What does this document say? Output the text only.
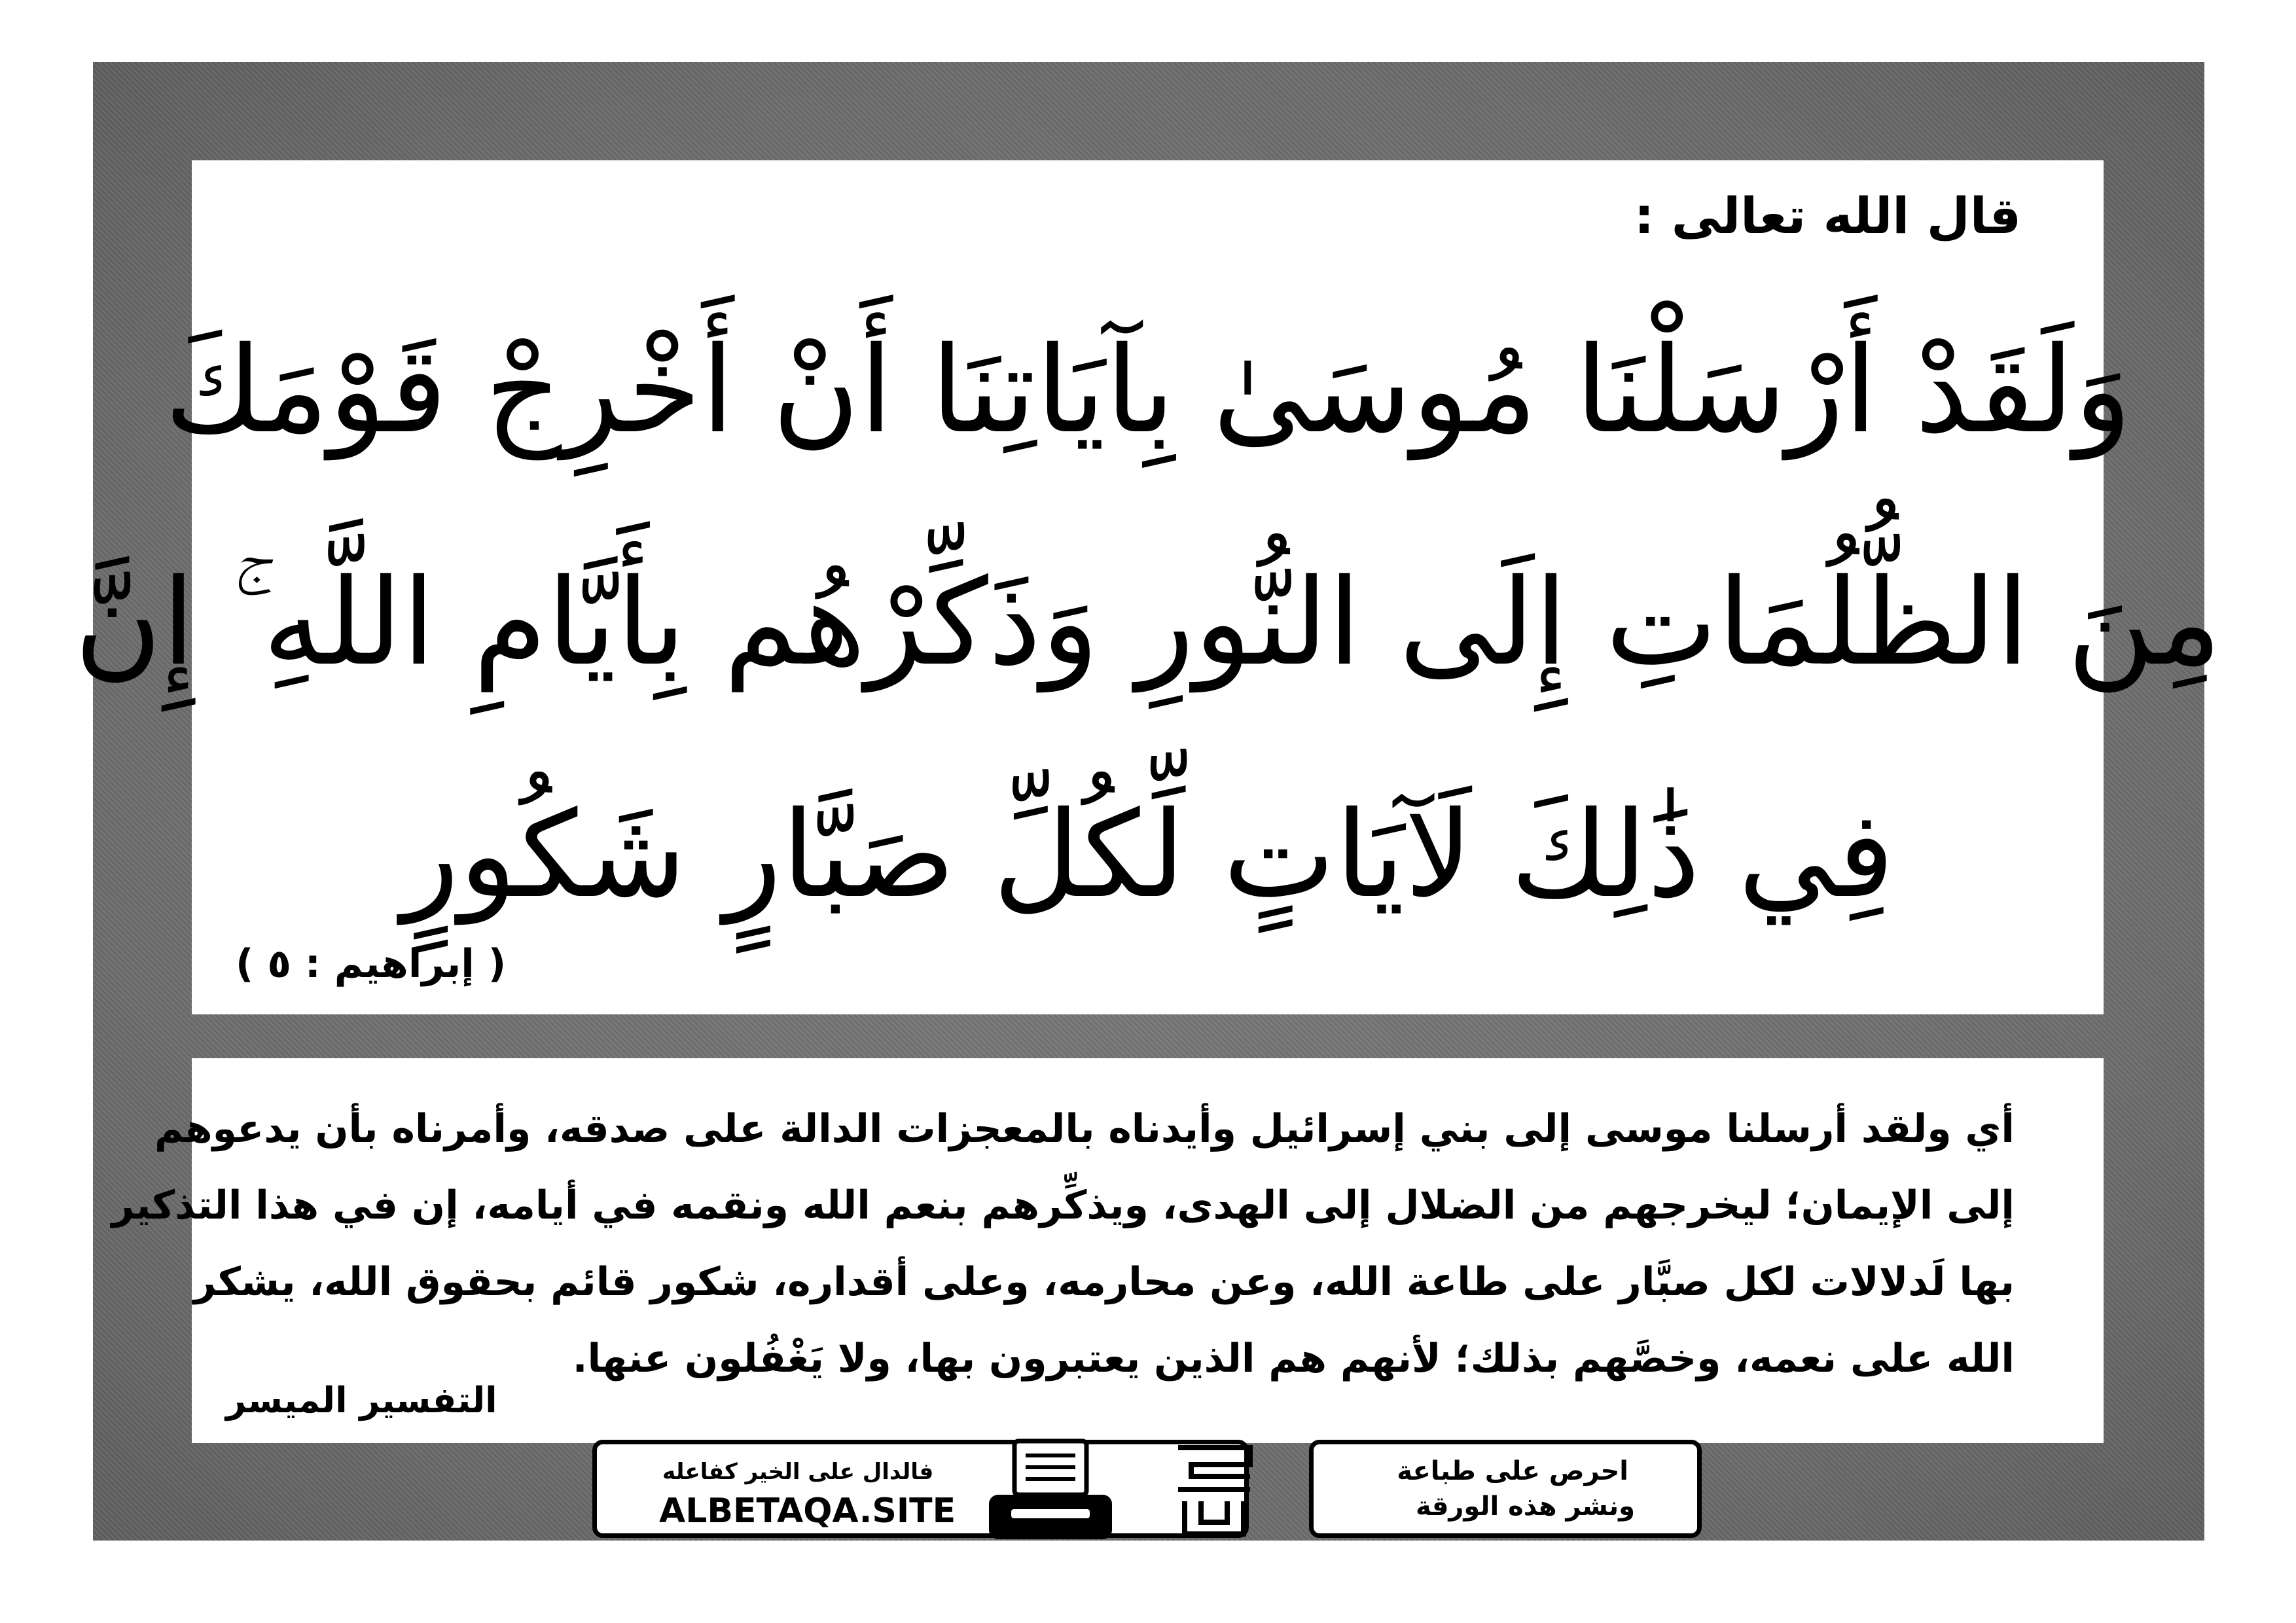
قال الله تعالى :
وَلَقَدْ أَرْسَلْنَا مُوسَىٰ بِآيَاتِنَا أَنْ أَخْرِجْ قَوْمَكَ
مِنَ الظُّلُمَاتِ إِلَى النُّورِ وَذَكِّرْهُم بِأَيَّامِ اللَّهِ ۚ إِنَّ
فِي ذَٰلِكَ لَآيَاتٍ لِّكُلِّ صَبَّارٍ شَكُورٍ
( إبراهيم : ٥ )
أي ولقد أرسلنا موسى إلى بني إسرائيل وأيدناه بالمعجزات الدالة على صدقه، وأمرناه بأن يدعوهم
إلى الإيمان؛ ليخرجهم من الضلال إلى الهدى، ويذكِّرهم بنعم الله ونقمه في أيامه، إن في هذا التذكير
بها لَدلالات لكل صبَّار على طاعة الله، وعن محارمه، وعلى أقداره، شكور قائم بحقوق الله، يشكر
الله على نعمه، وخصَّهم بذلك؛ لأنهم هم الذين يعتبرون بها، ولا يَغْفُلون عنها.
التفسير الميسر
فالدال على الخير كفاعله
ALBETAQA.SITE
احرص على طباعة
ونشر هذه الورقة
